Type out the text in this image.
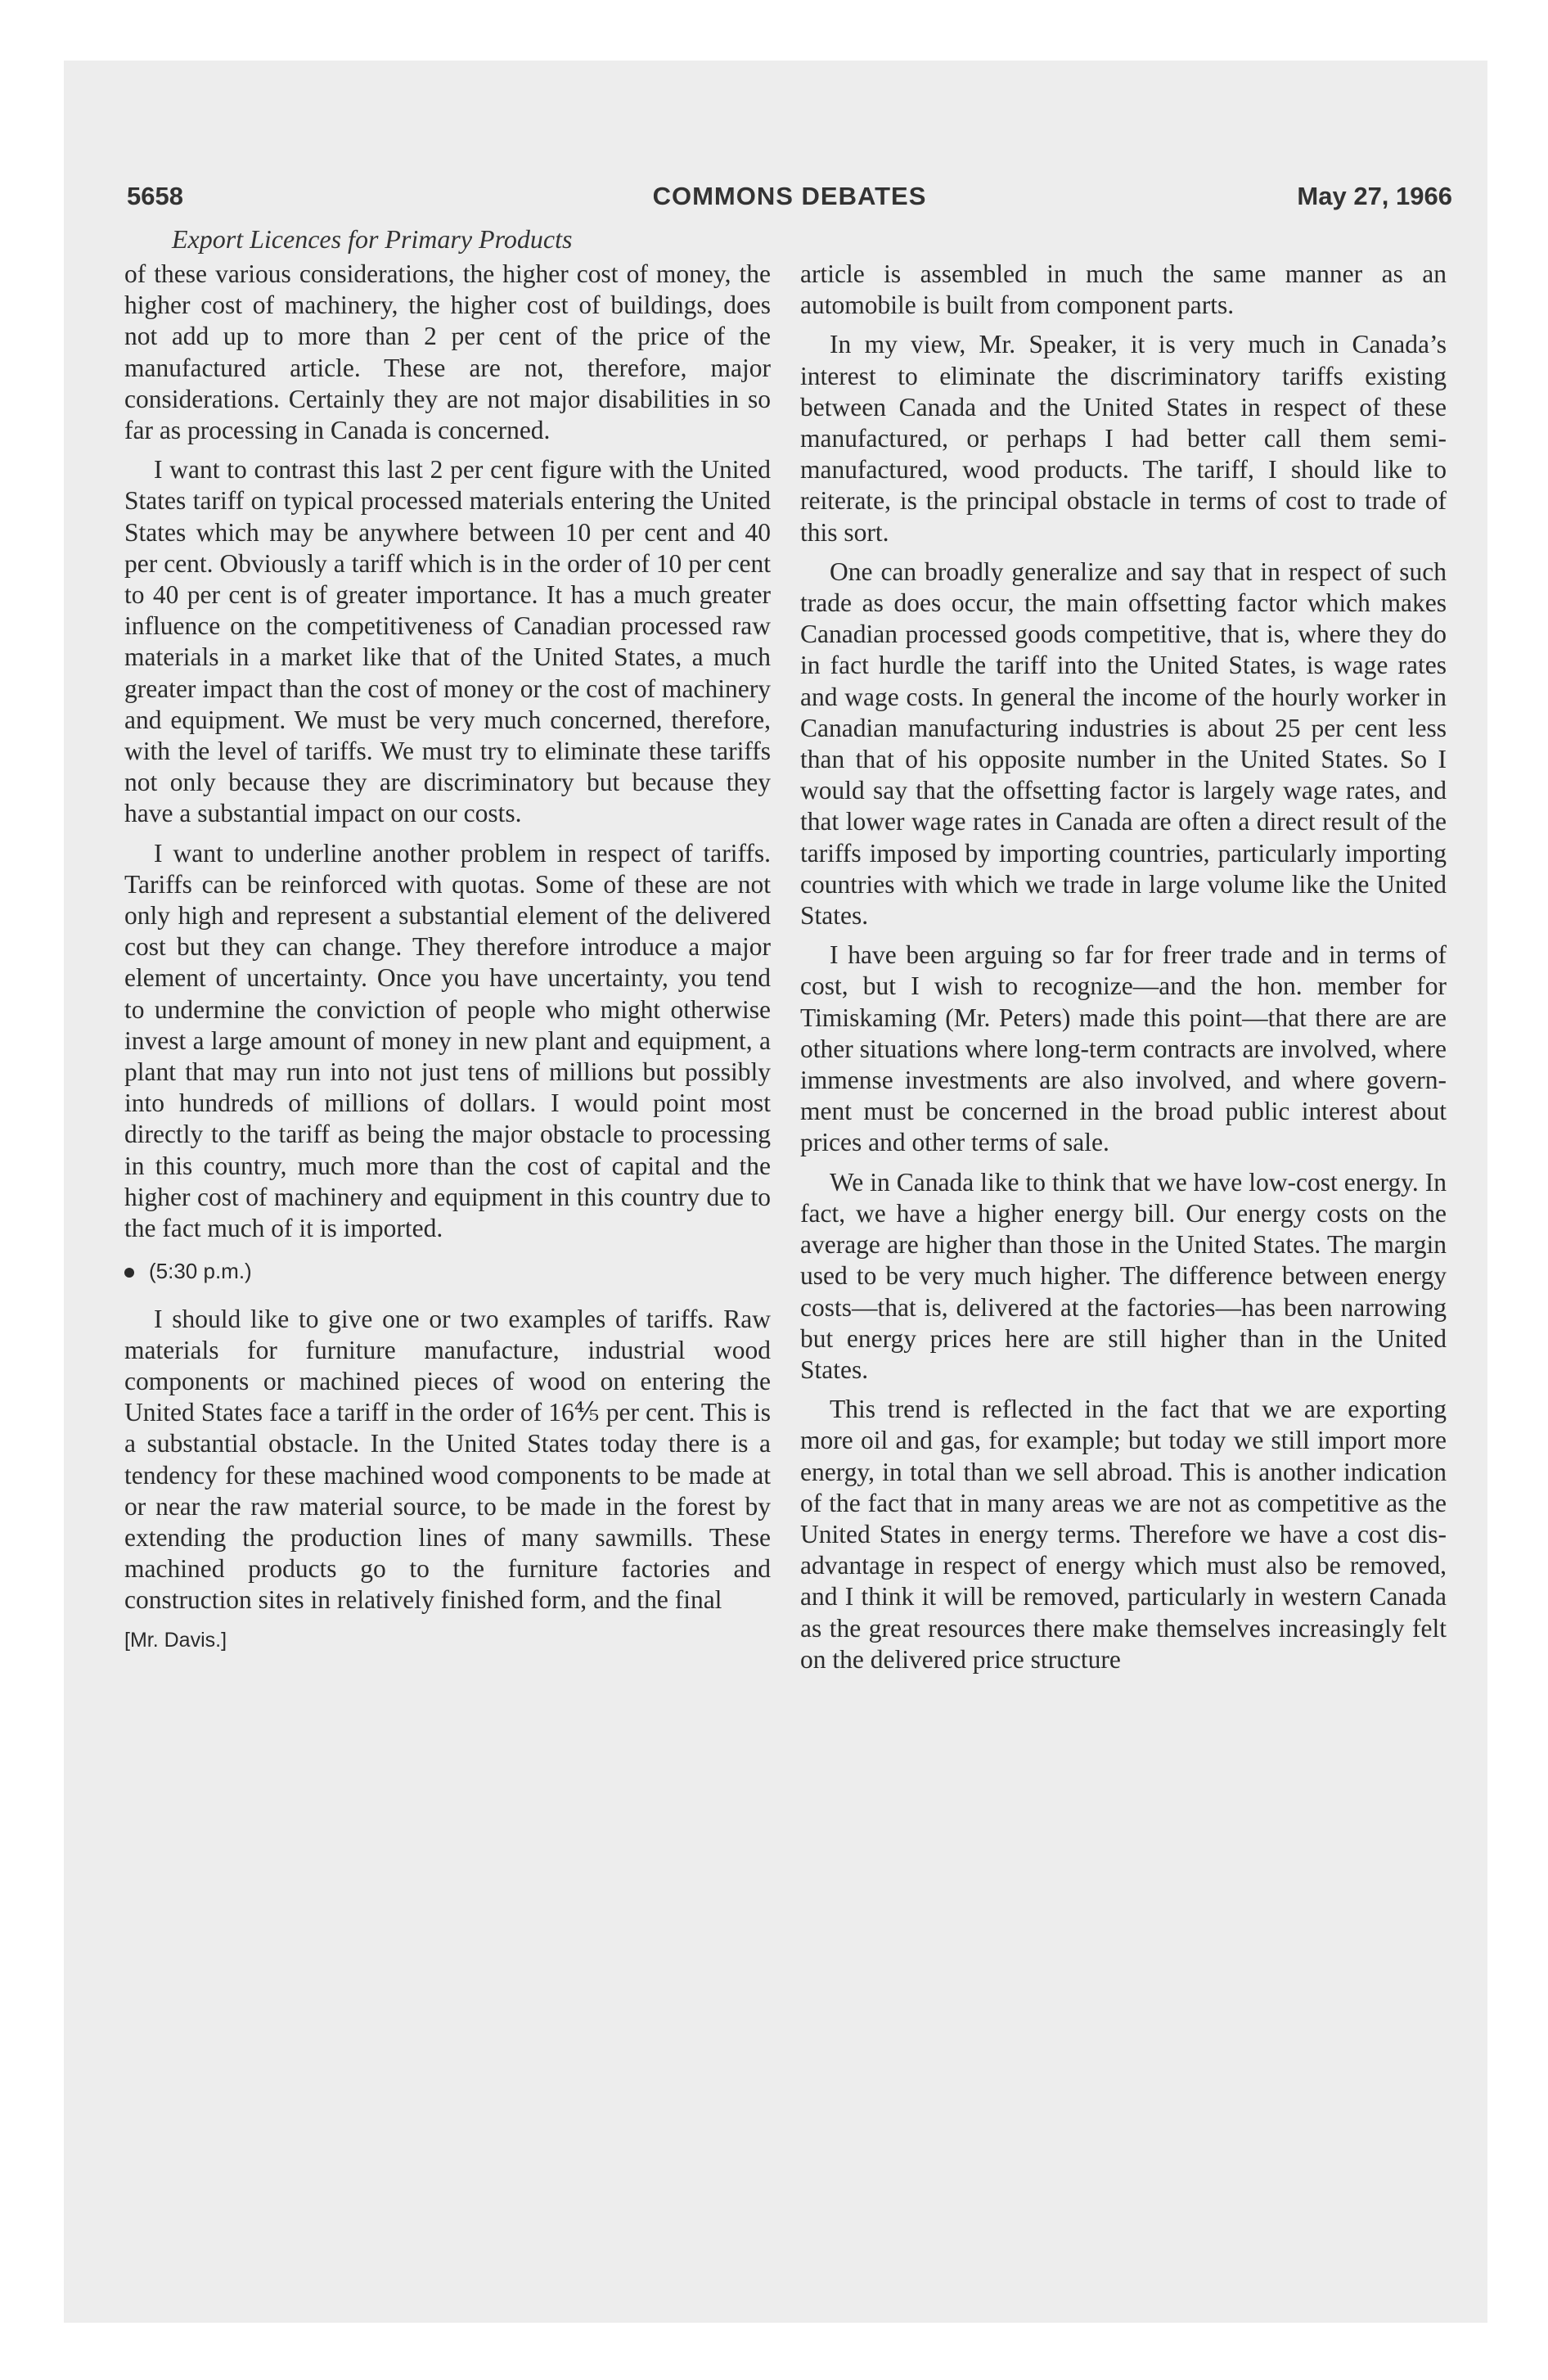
5658	COMMONS DEBATES	May 27, 1966
Export Licences for Primary Products

of these various considerations, the higher cost of money, the higher cost of machinery, the higher cost of buildings, does not add up to more than 2 per cent of the price of the manufactured article. These are not, therefore, major considerations. Certainly they are not major disabilities in so far as processing in Canada is concerned.

I want to contrast this last 2 per cent figure with the United States tariff on typical processed materials entering the United States which may be anywhere between 10 per cent and 40 per cent. Obviously a tariff which is in the order of 10 per cent to 40 per cent is of greater importance. It has a much greater influence on the competitiveness of Canadian processed raw materials in a market like that of the United States, a much greater impact than the cost of money or the cost of machinery and equipment. We must be very much concerned, therefore, with the level of tariffs. We must try to eliminate these tariffs not only because they are discriminatory but because they have a substantial impact on our costs.

I want to underline another problem in respect of tariffs. Tariffs can be reinforced with quotas. Some of these are not only high and represent a substantial element of the delivered cost but they can change. They therefore introduce a major element of uncertainty. Once you have uncertainty, you tend to undermine the conviction of people who might otherwise invest a large amount of money in new plant and equipment, a plant that may run into not just tens of millions but possibly into hundreds of millions of dollars. I would point most directly to the tariff as being the major obstacle to processing in this country, much more than the cost of capital and the higher cost of machinery and equipment in this country due to the fact much of it is imported.

(5:30 p.m.)

I should like to give one or two examples of tariffs. Raw materials for furniture manufacture, industrial wood components or machined pieces of wood on entering the United States face a tariff in the order of 16⅘ per cent. This is a substantial obstacle. In the United States today there is a tendency for these machined wood components to be made at or near the raw material source, to be made in the forest by extending the production lines of many sawmills. These machined products go to the furniture factories and construction sites in relatively finished form, and the final

[Mr. Davis.]

article is assembled in much the same manner as an automobile is built from component parts.

In my view, Mr. Speaker, it is very much in Canada’s interest to eliminate the discriminatory tariffs existing between Canada and the United States in respect of these manufactured, or perhaps I had better call them semi-manufactured, wood products. The tariff, I should like to reiterate, is the principal obstacle in terms of cost to trade of this sort.

One can broadly generalize and say that in respect of such trade as does occur, the main offsetting factor which makes Canadian processed goods competitive, that is, where they do in fact hurdle the tariff into the United States, is wage rates and wage costs. In general the income of the hourly worker in Canadian manufacturing industries is about 25 per cent less than that of his opposite number in the United States. So I would say that the offsetting factor is largely wage rates, and that lower wage rates in Canada are often a direct result of the tariffs imposed by importing countries, particularly importing countries with which we trade in large volume like the United States.

I have been arguing so far for freer trade and in terms of cost, but I wish to recognize—and the hon. member for Timiskaming (Mr. Peters) made this point—that there are are other situations where long-term contracts are involved, where immense investments are also involved, and where government must be concerned in the broad public interest about prices and other terms of sale.

We in Canada like to think that we have low-cost energy. In fact, we have a higher energy bill. Our energy costs on the average are higher than those in the United States. The margin used to be very much higher. The difference between energy costs—that is, delivered at the factories—has been narrowing but energy prices here are still higher than in the United States.

This trend is reflected in the fact that we are exporting more oil and gas, for example; but today we still import more energy, in total than we sell abroad. This is another indication of the fact that in many areas we are not as competitive as the United States in energy terms. Therefore we have a cost disadvantage in respect of energy which must also be removed, and I think it will be removed, particularly in western Canada as the great resources there make themselves increasingly felt on the delivered price structure
